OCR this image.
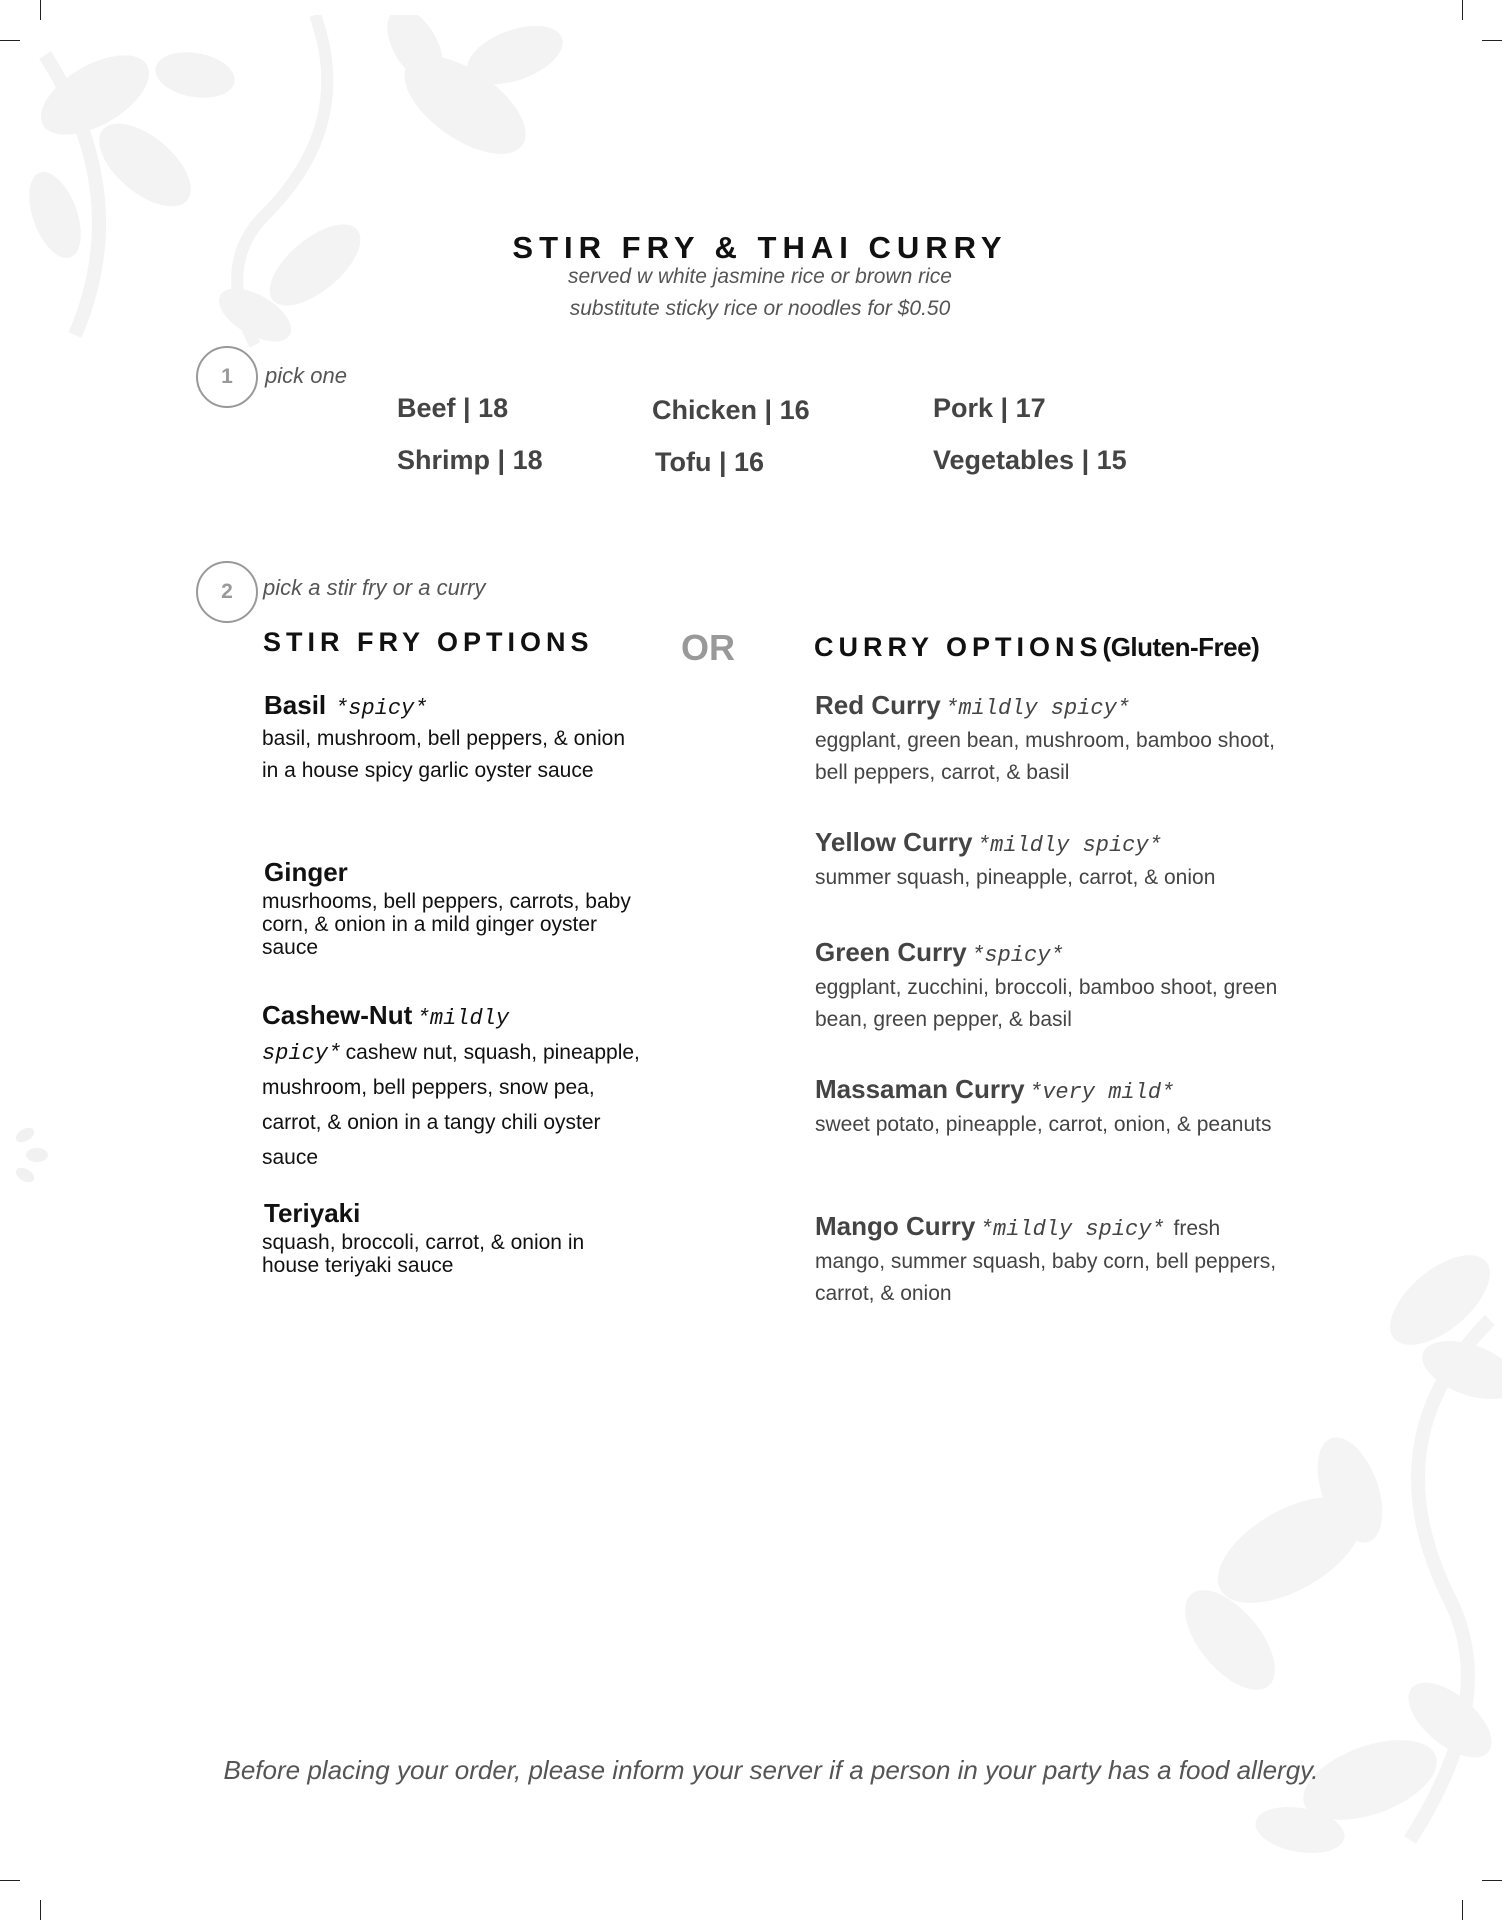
STIR FRY & THAI CURRY
served w white jasmine rice or brown rice
substitute sticky rice or noodles for $0.50
1	pick one
Beef | 18	Chicken | 16	Pork | 17
Shrimp | 18	Tofu | 16	Vegetables | 15
2	pick a stir fry or a curry
STIR FRY OPTIONS OR	CURRY OPTIONS(Gluten-Free)
Basil *spicy*
basil, mushroom, bell peppers, & onion in a house spicy garlic oyster sauce
Ginger
musrhooms, bell peppers, carrots, baby corn, & onion in a mild ginger oyster sauce
Cashew-Nut *mildly spicy* cashew nut, squash, pineapple, mushroom, bell peppers, snow pea, carrot, & onion in a tangy chili oyster sauce
Teriyaki
squash, broccoli, carrot, & onion in house teriyaki sauce
Red Curry *mildly spicy*
eggplant, green bean, mushroom, bamboo shoot, bell peppers, carrot, & basil
Yellow Curry *mildly spicy*
summer squash, pineapple, carrot, & onion
Green Curry *spicy*
eggplant, zucchini, broccoli, bamboo shoot, green bean, green pepper, & basil
Massaman Curry *very mild*
sweet potato, pineapple, carrot, onion, & peanuts
Mango Curry *mildly spicy* fresh
mango, summer squash, baby corn, bell peppers, carrot, & onion
Before placing your order, please inform your server if a person in your party has a food allergy.
